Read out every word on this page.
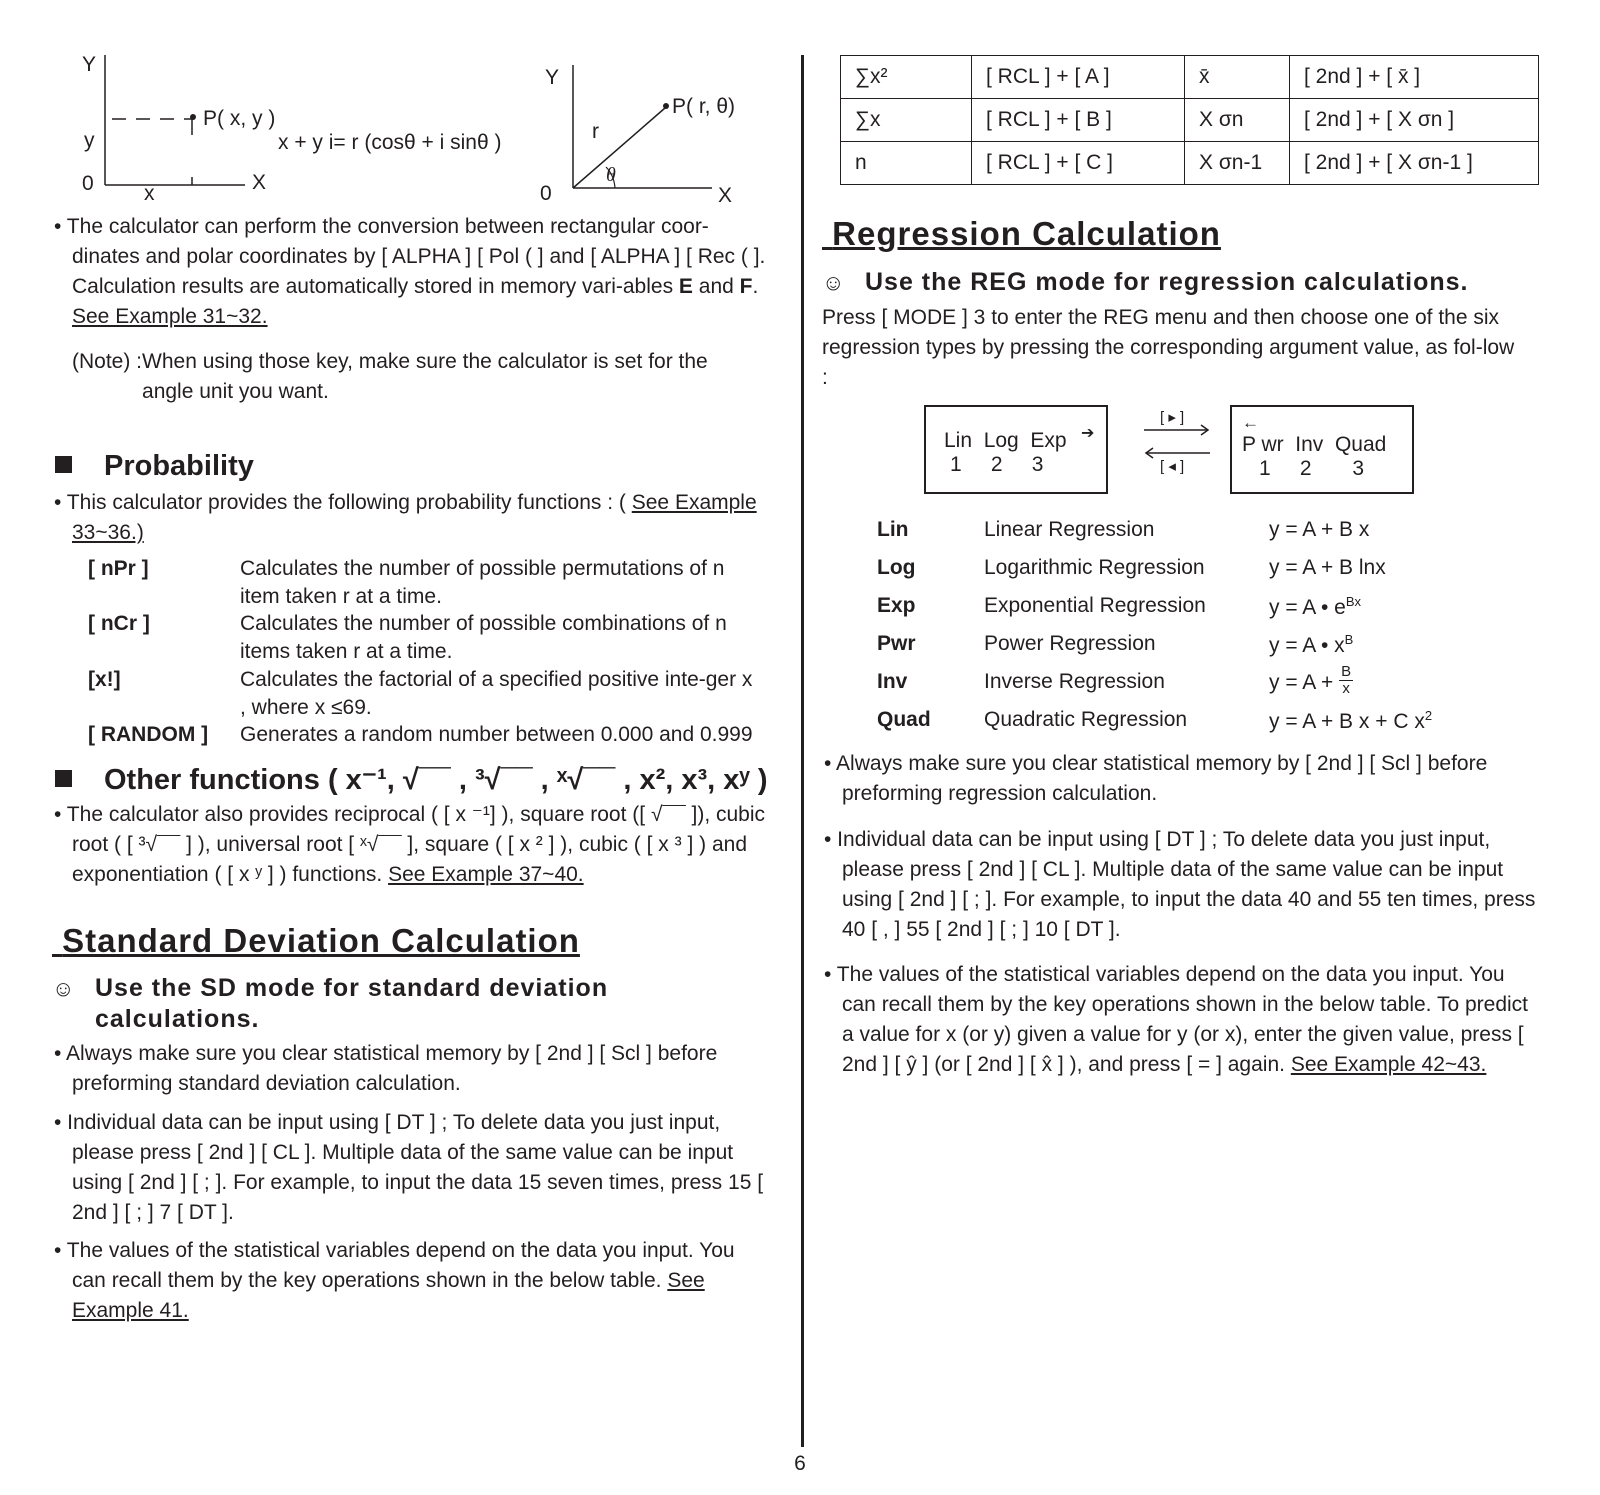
Y
y
0 x	X
P( x, y )
x + y i= r (cosθ + i sinθ )
Y
0	X
r
θ
P( r, θ)

• The calculator can perform the conversion between rectangular coor-dinates and polar coordinates by [ ALPHA ] [ Pol ( ] and [ ALPHA ] [ Rec ( ]. Calculation results are automatically stored in memory vari-ables E and F. See Example 31~32.

(Note) :When using those key, make sure the calculator is set for the angle unit you want.

Probability

• This calculator provides the following probability functions : ( See Example 33~36.)

[ nPr ]	Calculates the number of possible permutations of n item taken r at a time.
[ nCr ]	Calculates the number of possible combinations of n items taken r at a time.
[x!]	Calculates the factorial of a specified positive inte-ger x , where x ≤69.
[ RANDOM ]	Generates a random number between 0.000 and 0.999
Other functions ( x⁻¹, √¯¯ , ³√¯¯ , ˣ√¯¯ , x², x³, xʸ )

• The calculator also provides reciprocal ( [ x ⁻¹] ), square root ([ √¯¯ ]), cubic root ( [ ³√¯¯ ] ), universal root [ ˣ√¯¯ ], square ( [ x ² ] ), cubic ( [ x ³ ] ) and exponentiation ( [ x ʸ ] ) functions. See Example 37~40.

Standard Deviation Calculation
☺ Use the SD mode for standard deviation calculations.

• Always make sure you clear statistical memory by [ 2nd ] [ Scl ] before preforming standard deviation calculation.

• Individual data can be input using [ DT ] ; To delete data you just input, please press [ 2nd ] [ CL ]. Multiple data of the same value can be input using [ 2nd ] [ ; ]. For example, to input the data 15 seven times, press 15 [ 2nd ] [ ; ] 7 [ DT ].

• The values of the statistical variables depend on the data you input. You can recall them by the key operations shown in the below table. See Example 41.

∑x²	[ RCL ] + [ A ]	x̄	[ 2nd ] + [ x̄ ]
∑x	[ RCL ] + [ B ]	X σn	[ 2nd ] + [ X σn ]
n	[ RCL ] + [ C ]	X σn-1	[ 2nd ] + [ X σn-1 ]
Regression Calculation
☺ Use the REG mode for regression calculations.

Press [ MODE ] 3 to enter the REG menu and then choose one of the six regression types by pressing the corresponding argument value, as fol-low :

Lin  Log  Exp ➔
1     2     3
[ ▸ ]
[ ◂ ]
←
P wr  Inv  Quad
1     2       3
Lin	Linear Regression	y = A + B x
Log	Logarithmic Regression	y = A + B lnx
Exp	Exponential Regression	y = A • $e^{Bx}$
Pwr	Power Regression	y = A • $x^B$
Inv	Inverse Regression	$y = A + \frac{B}{x}$
Quad	Quadratic Regression	y = A + B x + C $x^2$

• Always make sure you clear statistical memory by [ 2nd ] [ Scl ] before preforming regression calculation.

• Individual data can be input using [ DT ] ; To delete data you just input, please press [ 2nd ] [ CL ]. Multiple data of the same value can be input using [ 2nd ] [ ; ]. For example, to input the data 40 and 55 ten times, press 40 [ , ] 55 [ 2nd ] [ ; ] 10 [ DT ].

• The values of the statistical variables depend on the data you input. You can recall them by the key operations shown in the below table. To predict a value for x (or y) given a value for y (or x), enter the given value, press [ 2nd ] [ ŷ ] (or [ 2nd ] [ x̂ ] ), and press [ = ] again. See Example 42~43.

6
